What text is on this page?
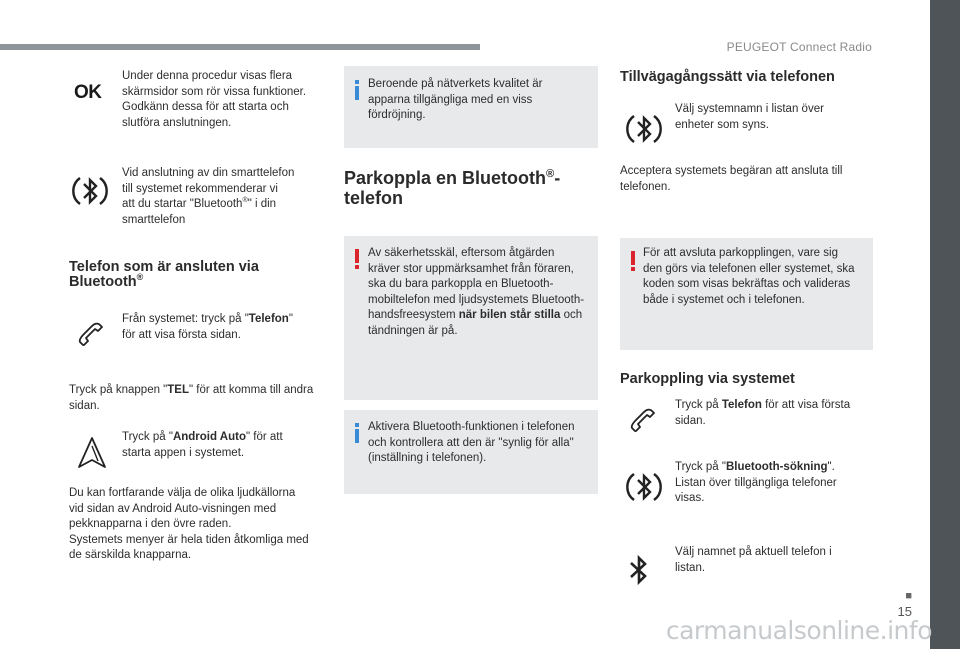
PEUGEOT Connect Radio
■
15
carmanualsonline.info
OK
Under denna procedur visas flera
skärmsidor som rör vissa funktioner.
Godkänn dessa för att starta och
slutföra anslutningen.
Vid anslutning av din smarttelefon
till systemet rekommenderar vi
att du startar "Bluetooth®" i din
smarttelefon
Telefon som är ansluten via
Bluetooth®
Från systemet: tryck på "Telefon"
för att visa första sidan.
Tryck på knappen "TEL" för att komma till andra
sidan.
Tryck på "Android Auto" för att
starta appen i systemet.
Du kan fortfarande välja de olika ljudkällorna
vid sidan av Android Auto-visningen med
pekknapparna i den övre raden.
Systemets menyer är hela tiden åtkomliga med
de särskilda knapparna.
Beroende på nätverkets kvalitet är
apparna tillgängliga med en viss
fördröjning.
Parkoppla en Bluetooth®-
telefon
Av säkerhetsskäl, eftersom åtgärden
kräver stor uppmärksamhet från föraren,
ska du bara parkoppla en Bluetooth-
mobiltelefon med ljudsystemets Bluetooth-
handsfreesystem när bilen står stilla och
tändningen är på.
Aktivera Bluetooth-funktionen i telefonen
och kontrollera att den är "synlig för alla"
(inställning i telefonen).
Tillvägagångssätt via telefonen
Välj systemnamn i listan över
enheter som syns.
Acceptera systemets begäran att ansluta till
telefonen.
För att avsluta parkopplingen, vare sig
den görs via telefonen eller systemet, ska
koden som visas bekräftas och valideras
både i systemet och i telefonen.
Parkoppling via systemet
Tryck på Telefon för att visa första
sidan.
Tryck på "Bluetooth-sökning".
Listan över tillgängliga telefoner
visas.
Välj namnet på aktuell telefon i
listan.
